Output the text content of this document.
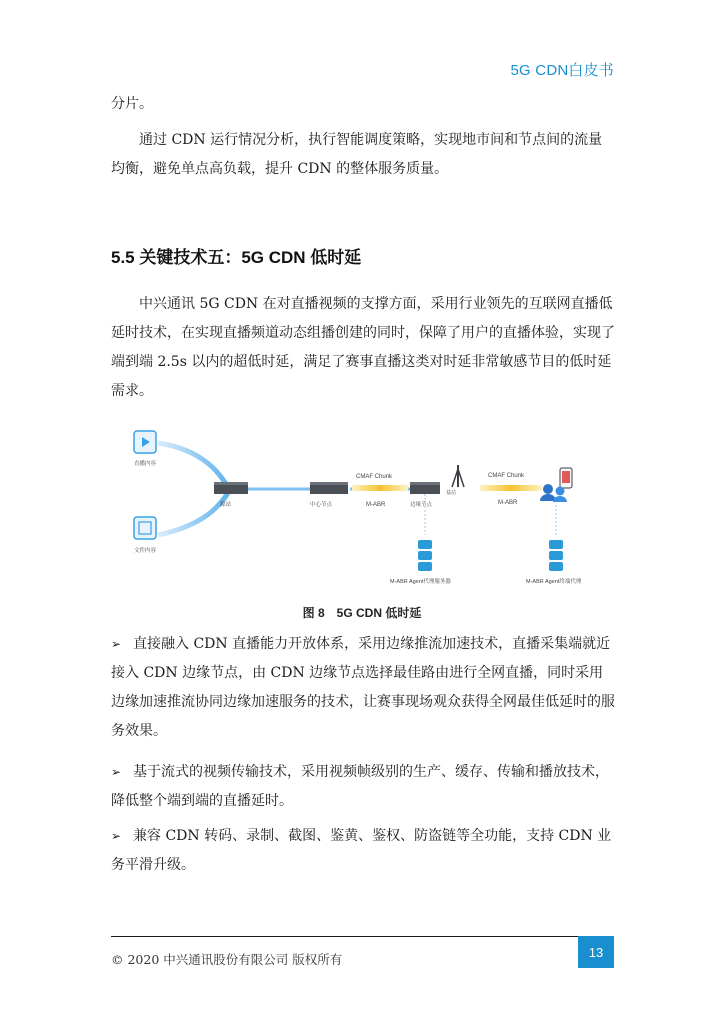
5G CDN白皮书

分片。

通过 CDN 运行情况分析，执行智能调度策略，实现地市间和节点间的流量均衡，避免单点高负载，提升 CDN 的整体服务质量。

5.5 关键技术五：5G CDN 低时延

中兴通讯 5G CDN 在对直播视频的支撑方面，采用行业领先的互联网直播低延时技术，在实现直播频道动态组播创建的同时，保障了用户的直播体验，实现了端到端 2.5s 以内的超低时延，满足了赛事直播这类对时延非常敏感节目的低时延需求。

直播内容
文件内容
源站	中心节点
CMAF Chunk
M-ABR	边缘节点
基站
CMAF Chunk
M-ABR
M-ABR Agent代理服务器	M-ABR Agent终端代理
图 8　5G CDN 低时延

➢ 直接融入 CDN 直播能力开放体系，采用边缘推流加速技术，直播采集端就近接入 CDN 边缘节点，由 CDN 边缘节点选择最佳路由进行全网直播，同时采用边缘加速推流协同边缘加速服务的技术，让赛事现场观众获得全网最佳低延时的服务效果。

➢ 基于流式的视频传输技术，采用视频帧级别的生产、缓存、传输和播放技术，降低整个端到端的直播延时。

➢ 兼容 CDN 转码、录制、截图、鉴黄、鉴权、防盗链等全功能，支持 CDN 业务平滑升级。

© 2020 中兴通讯股份有限公司 版权所有	13
